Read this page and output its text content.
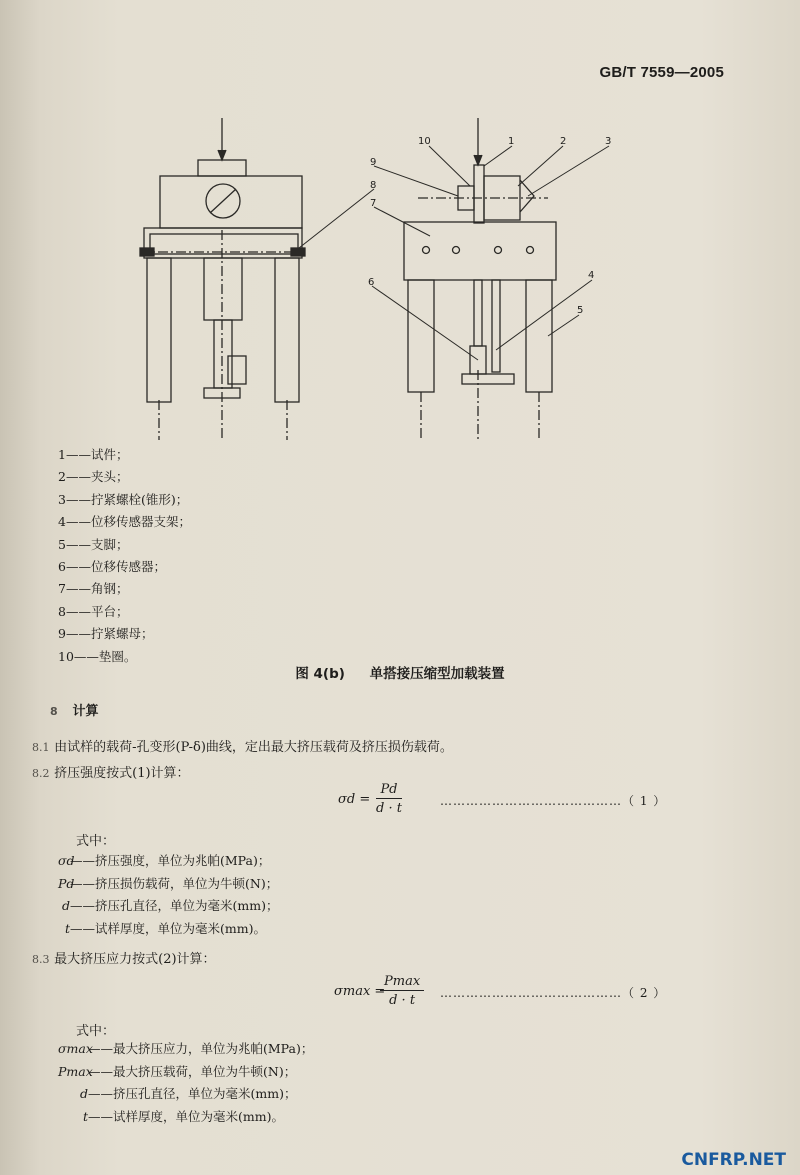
GB/T 7559—2005
10	1	2	3
9
8
7
6
4
5
1——试件；
2——夹头；
3——拧紧螺栓(锥形)；
4——位移传感器支架；
5——支脚；
6——位移传感器；
7——角钢；
8——平台；
9——拧紧螺母；
10——垫圈。
图 4(b) 单搭接压缩型加载装置
8 计算
8.1 由试样的载荷-孔变形(P-δ)曲线，定出最大挤压载荷及挤压损伤载荷。
8.2 挤压强度按式(1)计算：
$\sigma d = \frac{Pd}{d \cdot t}$	……………………………………（ 1 ）
式中：
σd——挤压强度，单位为兆帕(MPa)；
Pd——挤压损伤载荷，单位为牛顿(N)；
d——挤压孔直径，单位为毫米(mm)；
t——试样厚度，单位为毫米(mm)。
8.3 最大挤压应力按式(2)计算：
σmax =
Pmax
d · t	……………………………………（ 2 ）
式中：
σmax——最大挤压应力，单位为兆帕(MPa)；
Pmax——最大挤压载荷，单位为牛顿(N)；
d——挤压孔直径，单位为毫米(mm)；
t——试样厚度，单位为毫米(mm)。
CNFRP.NET
